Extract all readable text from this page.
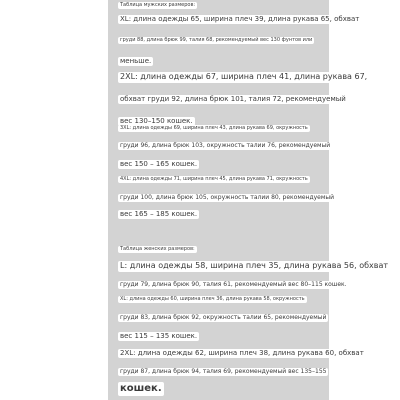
Таблица мужских размеров:
XL: длина одежды 65, ширина плеч 39, длина рукава 65, обхват
груди 88, длина брюк 99, талия 68, рекомендуемый вес 130 фунтов или
меньше.
2XL: длина одежды 67, ширина плеч 41, длина рукава 67,
обхват груди 92, длина брюк 101, талия 72, рекомендуемый
вес 130–150 кошек.
3XL: длина одежды 69, ширина плеч 43, длина рукава 69, окружность
груди 96, длина брюк 103, окружность талии 76, рекомендуемый
вес 150 – 165 кошек.
4XL: длина одежды 71, ширина плеч 45, длина рукава 71, окружность
груди 100, длина брюк 105, окружность талии 80, рекомендуемый
вес 165 – 185 кошек.
Таблица женских размеров:
L: длина одежды 58, ширина плеч 35, длина рукава 56, обхват
груди 79, длина брюк 90, талия 61, рекомендуемый вес 80–115 кошек.
XL: длина одежды 60, ширина плеч 36, длина рукава 58, окружность
груди 83, длина брюк 92, окружность талии 65, рекомендуемый
вес 115 – 135 кошек.
2XL: длина одежды 62, ширина плеч 38, длина рукава 60, обхват
груди 87, длина брюк 94, талия 69, рекомендуемый вес 135–155
кошек.
